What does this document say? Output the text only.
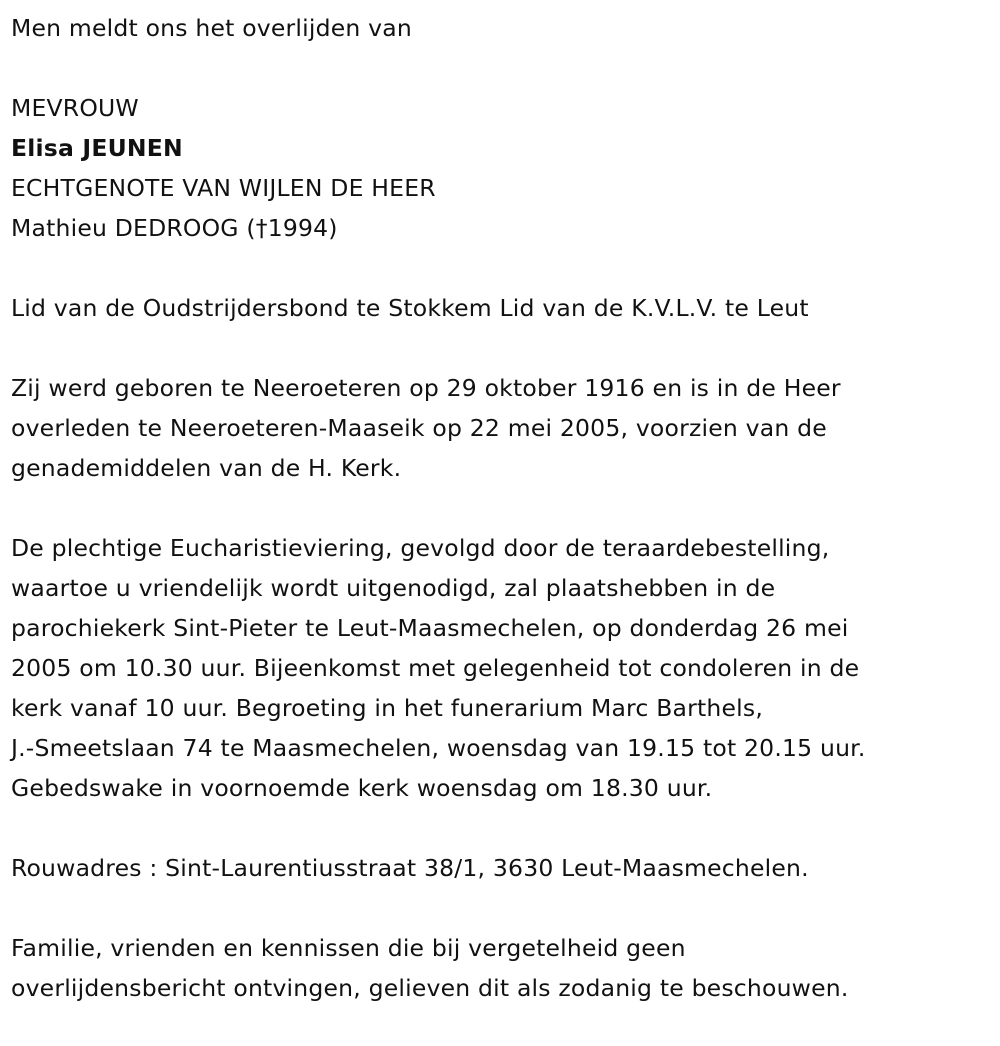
Men meldt ons het overlijden van
MEVROUW
Elisa JEUNEN
ECHTGENOTE VAN WIJLEN DE HEER
Mathieu DEDROOG (†1994)
Lid van de Oudstrijdersbond te Stokkem Lid van de K.V.L.V. te Leut
Zij werd geboren te Neeroeteren op 29 oktober 1916 en is in de Heer
overleden te Neeroeteren-Maaseik op 22 mei 2005, voorzien van de
genademiddelen van de H. Kerk.
De plechtige Eucharistieviering, gevolgd door de teraardebestelling,
waartoe u vriendelijk wordt uitgenodigd, zal plaatshebben in de
parochiekerk Sint-Pieter te Leut-Maasmechelen, op donderdag 26 mei
2005 om 10.30 uur. Bijeenkomst met gelegenheid tot condoleren in de
kerk vanaf 10 uur. Begroeting in het funerarium Marc Barthels,
J.-Smeetslaan 74 te Maasmechelen, woensdag van 19.15 tot 20.15 uur.
Gebedswake in voornoemde kerk woensdag om 18.30 uur.
Rouwadres : Sint-Laurentiusstraat 38/1, 3630 Leut-Maasmechelen.
Familie, vrienden en kennissen die bij vergetelheid geen
overlijdensbericht ontvingen, gelieven dit als zodanig te beschouwen.
